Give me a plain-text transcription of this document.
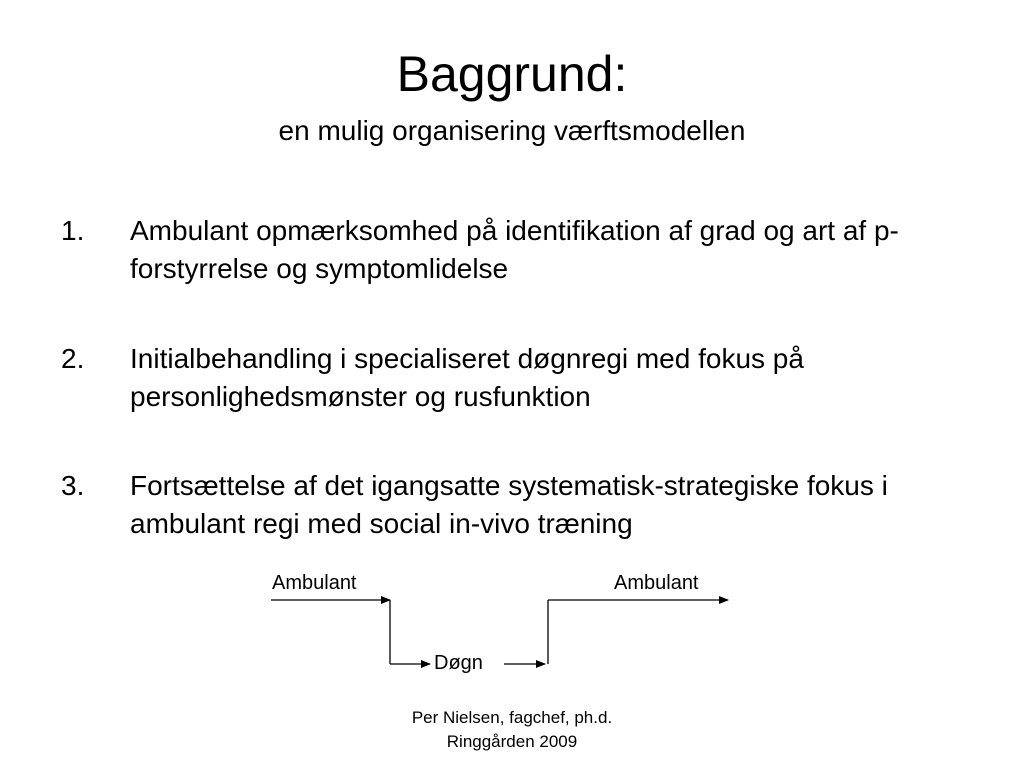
Baggrund:
en mulig organisering værftsmodellen
1. Ambulant opmærksomhed på identifikation af grad og art af p-forstyrrelse og symptomlidelse
2. Initialbehandling i specialiseret døgnregi med fokus på personlighedsmønster og rusfunktion
3. Fortsættelse af det igangsatte systematisk-strategiske fokus i ambulant regi med social in-vivo træning
Ambulant	Ambulant
Døgn
Per Nielsen, fagchef, ph.d.
Ringgården 2009
